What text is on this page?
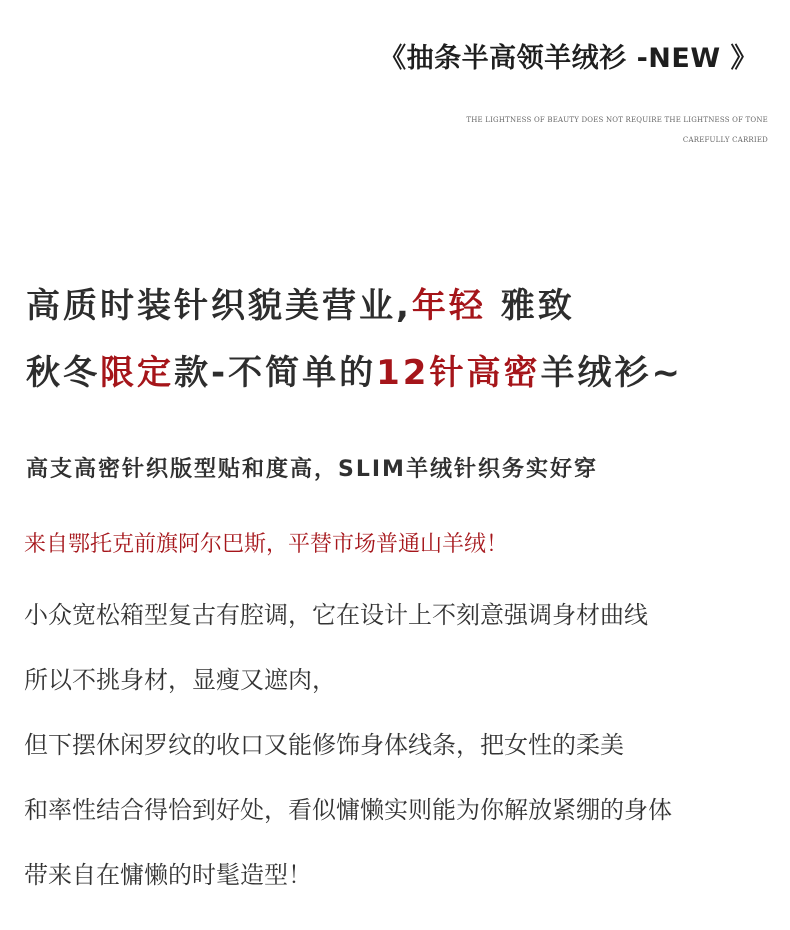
《抽条半高领羊绒衫 -NEW 》
THE LIGHTNESS OF BEAUTY DOES NOT REQUIRE THE LIGHTNESS OF TONE
CAREFULLY CARRIED
高质时装针织貌美营业,年轻 雅致
秋冬限定款-不简单的12针高密羊绒衫~
高支高密针织版型贴和度高，SLIM羊绒针织务实好穿
来自鄂托克前旗阿尔巴斯，平替市场普通山羊绒！
小众宽松箱型复古有腔调，它在设计上不刻意强调身材曲线
所以不挑身材，显瘦又遮肉，
但下摆休闲罗纹的收口又能修饰身体线条，把女性的柔美
和率性结合得恰到好处，看似慵懒实则能为你解放紧绷的身体
带来自在慵懒的时髦造型！
